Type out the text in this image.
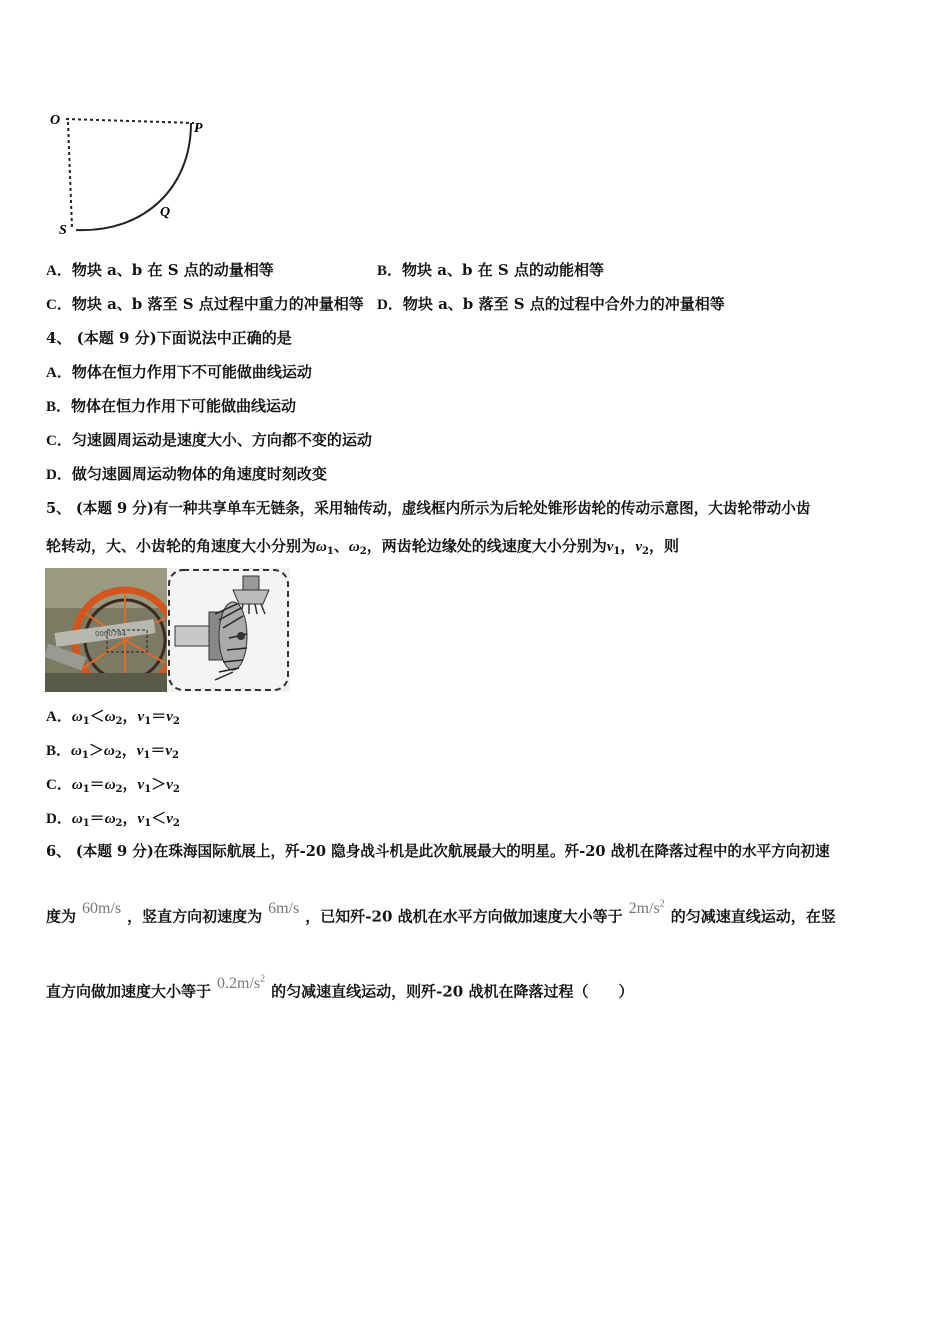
O
P
Q
S
A．物块 a、b 在 S 点的动量相等	B．物块 a、b 在 S 点的动能相等
C．物块 a、b 落至 S 点过程中重力的冲量相等 D．物块 a、b 落至 S 点的过程中合外力的冲量相等
4、 (本题 9 分)下面说法中正确的是
A．物体在恒力作用下不可能做曲线运动
B．物体在恒力作用下可能做曲线运动
C．匀速圆周运动是速度大小、方向都不变的运动
D．做匀速圆周运动物体的角速度时刻改变
5、 (本题 9 分)有一种共享单车无链条，采用轴传动，虚线框内所示为后轮处锥形齿轮的传动示意图，大齿轮带动小齿
轮转动，大、小齿轮的角速度大小分别为$\omega_1$、$\omega_2$，两齿轮边缘处的线速度大小分别为$v_1$，$v_2$，则
0000784
A．$\omega_1<\omega_2$，$v_1=v_2$
B．$\omega_1>\omega_2$，$v_1=v_2$
C．$\omega_1=\omega_2$，$v_1>v_2$
D．$\omega_1=\omega_2$，$v_1<v_2$
6、 (本题 9 分)在珠海国际航展上，歼-20 隐身战斗机是此次航展最大的明星。歼-20 战机在降落过程中的水平方向初速
度为 60m/s ，竖直方向初速度为 6m/s ，已知歼-20 战机在水平方向做加速度大小等于 $2m/s^2$的匀减速直线运动，在竖
直方向做加速度大小等于 $0.2m/s^2$的匀减速直线运动，则歼-20 战机在降落过程（　　）
